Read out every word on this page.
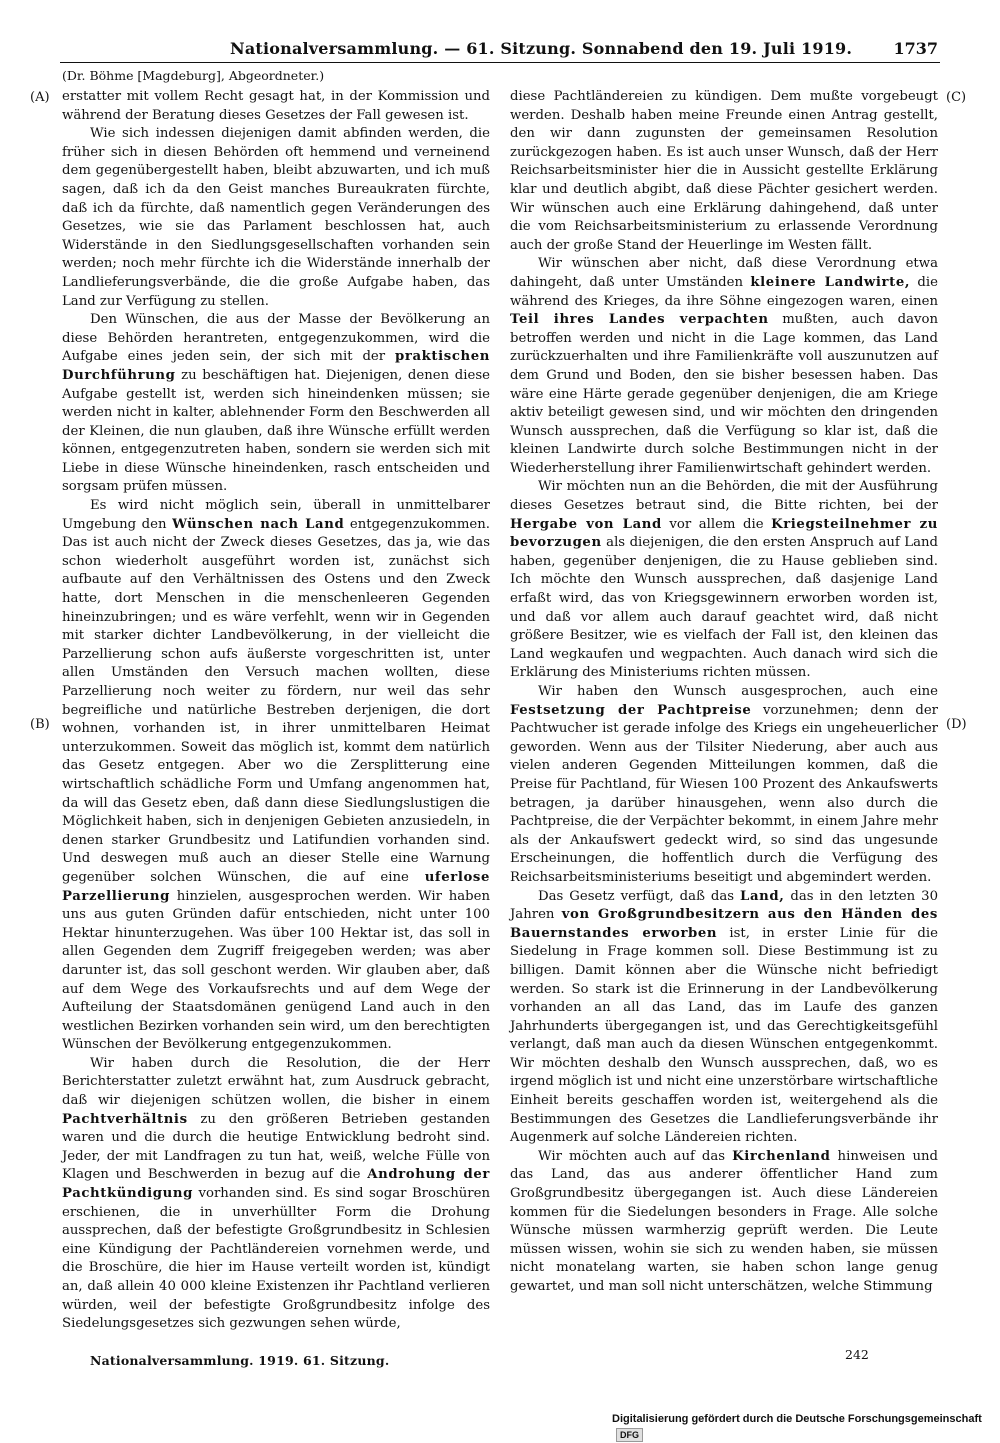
Nationalversammlung. — 61. Sitzung. Sonnabend den 19. Juli 1919.	1737
(Dr. Böhme [Magdeburg], Abgeordneter.)
(A)
(B)
(C)
(D)

erstatter mit vollem Recht gesagt hat, in der Kommission und während der Beratung dieses Gesetzes der Fall gewesen ist.

Wie sich indessen diejenigen damit abfinden werden, die früher sich in diesen Behörden oft hemmend und verneinend dem gegenübergestellt haben, bleibt abzuwarten, und ich muß sagen, daß ich da den Geist manches Bureaukraten fürchte, daß ich da fürchte, daß namentlich gegen Veränderungen des Gesetzes, wie sie das Parlament beschlossen hat, auch Widerstände in den Siedlungsgesellschaften vorhanden sein werden; noch mehr fürchte ich die Widerstände innerhalb der Landlieferungsverbände, die die große Aufgabe haben, das Land zur Verfügung zu stellen.

Den Wünschen, die aus der Masse der Bevölkerung an diese Behörden herantreten, entgegenzukommen, wird die Aufgabe eines jeden sein, der sich mit der praktischen Durchführung zu beschäftigen hat. Diejenigen, denen diese Aufgabe gestellt ist, werden sich hineindenken müssen; sie werden nicht in kalter, ablehnender Form den Beschwerden all der Kleinen, die nun glauben, daß ihre Wünsche erfüllt werden können, entgegenzutreten haben, sondern sie werden sich mit Liebe in diese Wünsche hineindenken, rasch entscheiden und sorgsam prüfen müssen.

Es wird nicht möglich sein, überall in unmittelbarer Umgebung den Wünschen nach Land entgegenzukommen. Das ist auch nicht der Zweck dieses Gesetzes, das ja, wie das schon wiederholt ausgeführt worden ist, zunächst sich aufbaute auf den Verhältnissen des Ostens und den Zweck hatte, dort Menschen in die menschenleeren Gegenden hineinzubringen; und es wäre verfehlt, wenn wir in Gegenden mit starker dichter Landbevölkerung, in der vielleicht die Parzellierung schon aufs äußerste vorgeschritten ist, unter allen Umständen den Versuch machen wollten, diese Parzellierung noch weiter zu fördern, nur weil das sehr begreifliche und natürliche Bestreben derjenigen, die dort wohnen, vorhanden ist, in ihrer unmittelbaren Heimat unterzukommen. Soweit das möglich ist, kommt dem natürlich das Gesetz entgegen. Aber wo die Zersplitterung eine wirtschaftlich schädliche Form und Umfang angenommen hat, da will das Gesetz eben, daß dann diese Siedlungslustigen die Möglichkeit haben, sich in denjenigen Gebieten anzusiedeln, in denen starker Grundbesitz und Latifundien vorhanden sind. Und deswegen muß auch an dieser Stelle eine Warnung gegenüber solchen Wünschen, die auf eine uferlose Parzellierung hinzielen, ausgesprochen werden. Wir haben uns aus guten Gründen dafür entschieden, nicht unter 100 Hektar hinunterzugehen. Was über 100 Hektar ist, das soll in allen Gegenden dem Zugriff freigegeben werden; was aber darunter ist, das soll geschont werden. Wir glauben aber, daß auf dem Wege des Vorkaufsrechts und auf dem Wege der Aufteilung der Staatsdomänen genügend Land auch in den westlichen Bezirken vorhanden sein wird, um den berechtigten Wünschen der Bevölkerung entgegenzukommen.

Wir haben durch die Resolution, die der Herr Berichterstatter zuletzt erwähnt hat, zum Ausdruck gebracht, daß wir diejenigen schützen wollen, die bisher in einem Pachtverhältnis zu den größeren Betrieben gestanden waren und die durch die heutige Entwicklung bedroht sind. Jeder, der mit Landfragen zu tun hat, weiß, welche Fülle von Klagen und Beschwerden in bezug auf die Androhung der Pachtkündigung vorhanden sind. Es sind sogar Broschüren erschienen, die in unverhüllter Form die Drohung aussprechen, daß der befestigte Großgrundbesitz in Schlesien eine Kündigung der Pachtländereien vornehmen werde, und die Broschüre, die hier im Hause verteilt worden ist, kündigt an, daß allein 40 000 kleine Existenzen ihr Pachtland verlieren würden, weil der befestigte Großgrundbesitz infolge des Siedelungsgesetzes sich gezwungen sehen würde,

diese Pachtländereien zu kündigen. Dem mußte vorgebeugt werden. Deshalb haben meine Freunde einen Antrag gestellt, den wir dann zugunsten der gemeinsamen Resolution zurückgezogen haben. Es ist auch unser Wunsch, daß der Herr Reichsarbeitsminister hier die in Aussicht gestellte Erklärung klar und deutlich abgibt, daß diese Pächter gesichert werden. Wir wünschen auch eine Erklärung dahingehend, daß unter die vom Reichsarbeitsministerium zu erlassende Verordnung auch der große Stand der Heuerlinge im Westen fällt.

Wir wünschen aber nicht, daß diese Verordnung etwa dahingeht, daß unter Umständen kleinere Landwirte, die während des Krieges, da ihre Söhne eingezogen waren, einen Teil ihres Landes verpachten mußten, auch davon betroffen werden und nicht in die Lage kommen, das Land zurückzuerhalten und ihre Familienkräfte voll auszunutzen auf dem Grund und Boden, den sie bisher besessen haben. Das wäre eine Härte gerade gegenüber denjenigen, die am Kriege aktiv beteiligt gewesen sind, und wir möchten den dringenden Wunsch aussprechen, daß die Verfügung so klar ist, daß die kleinen Landwirte durch solche Bestimmungen nicht in der Wiederherstellung ihrer Familienwirtschaft gehindert werden.

Wir möchten nun an die Behörden, die mit der Ausführung dieses Gesetzes betraut sind, die Bitte richten, bei der Hergabe von Land vor allem die Kriegsteilnehmer zu bevorzugen als diejenigen, die den ersten Anspruch auf Land haben, gegenüber denjenigen, die zu Hause geblieben sind. Ich möchte den Wunsch aussprechen, daß dasjenige Land erfaßt wird, das von Kriegsgewinnern erworben worden ist, und daß vor allem auch darauf geachtet wird, daß nicht größere Besitzer, wie es vielfach der Fall ist, den kleinen das Land wegkaufen und wegpachten. Auch danach wird sich die Erklärung des Ministeriums richten müssen.

Wir haben den Wunsch ausgesprochen, auch eine Festsetzung der Pachtpreise vorzunehmen; denn der Pachtwucher ist gerade infolge des Kriegs ein ungeheuerlicher geworden. Wenn aus der Tilsiter Niederung, aber auch aus vielen anderen Gegenden Mitteilungen kommen, daß die Preise für Pachtland, für Wiesen 100 Prozent des Ankaufswerts betragen, ja darüber hinausgehen, wenn also durch die Pachtpreise, die der Verpächter bekommt, in einem Jahre mehr als der Ankaufswert gedeckt wird, so sind das ungesunde Erscheinungen, die hoffentlich durch die Verfügung des Reichsarbeitsministeriums beseitigt und abgemindert werden.

Das Gesetz verfügt, daß das Land, das in den letzten 30 Jahren von Großgrundbesitzern aus den Händen des Bauernstandes erworben ist, in erster Linie für die Siedelung in Frage kommen soll. Diese Bestimmung ist zu billigen. Damit können aber die Wünsche nicht befriedigt werden. So stark ist die Erinnerung in der Landbevölkerung vorhanden an all das Land, das im Laufe des ganzen Jahrhunderts übergegangen ist, und das Gerechtigkeitsgefühl verlangt, daß man auch da diesen Wünschen entgegenkommt. Wir möchten deshalb den Wunsch aussprechen, daß, wo es irgend möglich ist und nicht eine unzerstörbare wirtschaftliche Einheit bereits geschaffen worden ist, weitergehend als die Bestimmungen des Gesetzes die Landlieferungsverbände ihr Augenmerk auf solche Ländereien richten.

Wir möchten auch auf das Kirchenland hinweisen und das Land, das aus anderer öffentlicher Hand zum Großgrundbesitz übergegangen ist. Auch diese Ländereien kommen für die Siedelungen besonders in Frage. Alle solche Wünsche müssen warmherzig geprüft werden. Die Leute müssen wissen, wohin sie sich zu wenden haben, sie müssen nicht monatelang warten, sie haben schon lange genug gewartet, und man soll nicht unterschätzen, welche Stimmung

Nationalversammlung. 1919. 61. Sitzung.	242
Digitalisierung gefördert durch die Deutsche Forschungsgemeinschaft DFG
